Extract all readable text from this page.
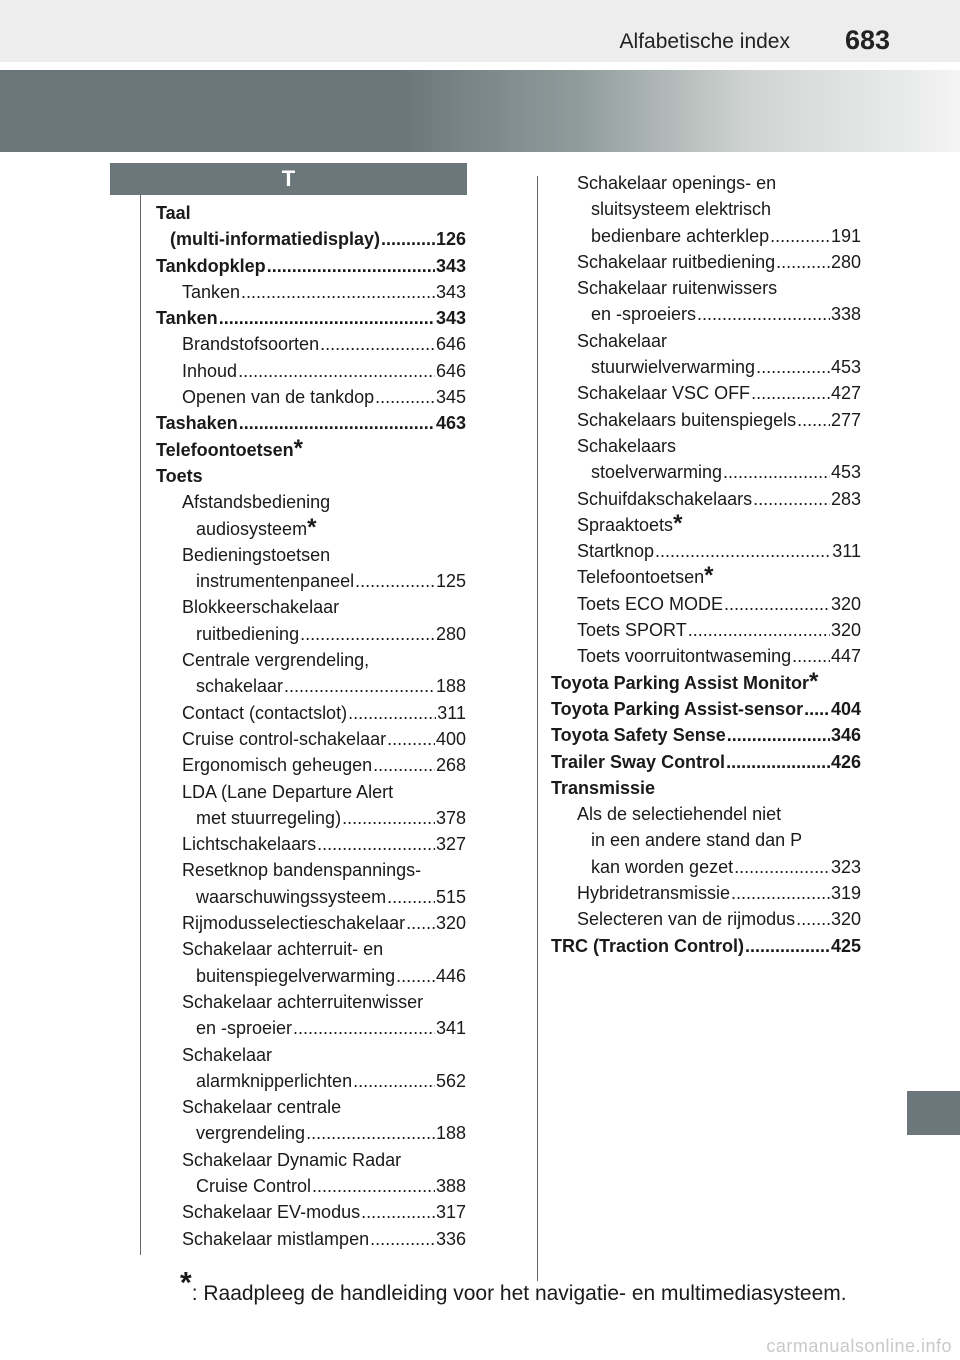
Alfabetische index 683
T
Taal
(multi-informatiedisplay) .....	126
Tankdopklep .....	343
Tanken .....	343
Tanken .....	343
Brandstofsoorten .....	646
Inhoud .....	646
Openen van de tankdop .....	345
Tashaken .....	463
Telefoontoetsen *
Toets
Afstandsbediening
audiosysteem *
Bedieningstoetsen
instrumentenpaneel .....	125
Blokkeerschakelaar
ruitbediening .....	280
Centrale vergrendeling,
schakelaar .....	188
Contact (contactslot) .....	311
Cruise control-schakelaar .....	400
Ergonomisch geheugen .....	268
LDA (Lane Departure Alert
met stuurregeling) .....	378
Lichtschakelaars .....	327
Resetknop bandenspannings-
waarschuwingssysteem .....	515
Rijmodusselectieschakelaar ..... 320
Schakelaar achterruit- en
buitenspiegelverwarming ..... 446
Schakelaar achterruitenwisser
en -sproeier .....	341
Schakelaar
alarmknipperlichten .....	562
Schakelaar centrale
vergrendeling .....	188
Schakelaar Dynamic Radar
Cruise Control .....	388
Schakelaar EV-modus .....	317
Schakelaar mistlampen .....	336
Schakelaar openings- en
sluitsysteem elektrisch
bedienbare achterklep .....	191
Schakelaar ruitbediening .....	280
Schakelaar ruitenwissers
en -sproeiers .....	338
Schakelaar
stuurwielverwarming .....	453
Schakelaar VSC OFF .....	427
Schakelaars buitenspiegels ..... 277
Schakelaars
stoelverwarming .....	453
Schuifdakschakelaars .....	283
Spraaktoets *
Startknop .....	311
Telefoontoetsen *
Toets ECO MODE .....	320
Toets SPORT .....	320
Toets voorruitontwaseming ..... 447
Toyota Parking Assist Monitor *
Toyota Parking Assist-sensor ..... 404
Toyota Safety Sense .....	346
Trailer Sway Control .....	426
Transmissie
Als de selectiehendel niet
in een andere stand dan P
kan worden gezet .....	323
Hybridetransmissie .....	319
Selecteren van de rijmodus ..... 320
TRC (Traction Control) .....	425
*: Raadpleeg de handleiding voor het navigatie- en multimediasysteem.
carmanualsonline.info
